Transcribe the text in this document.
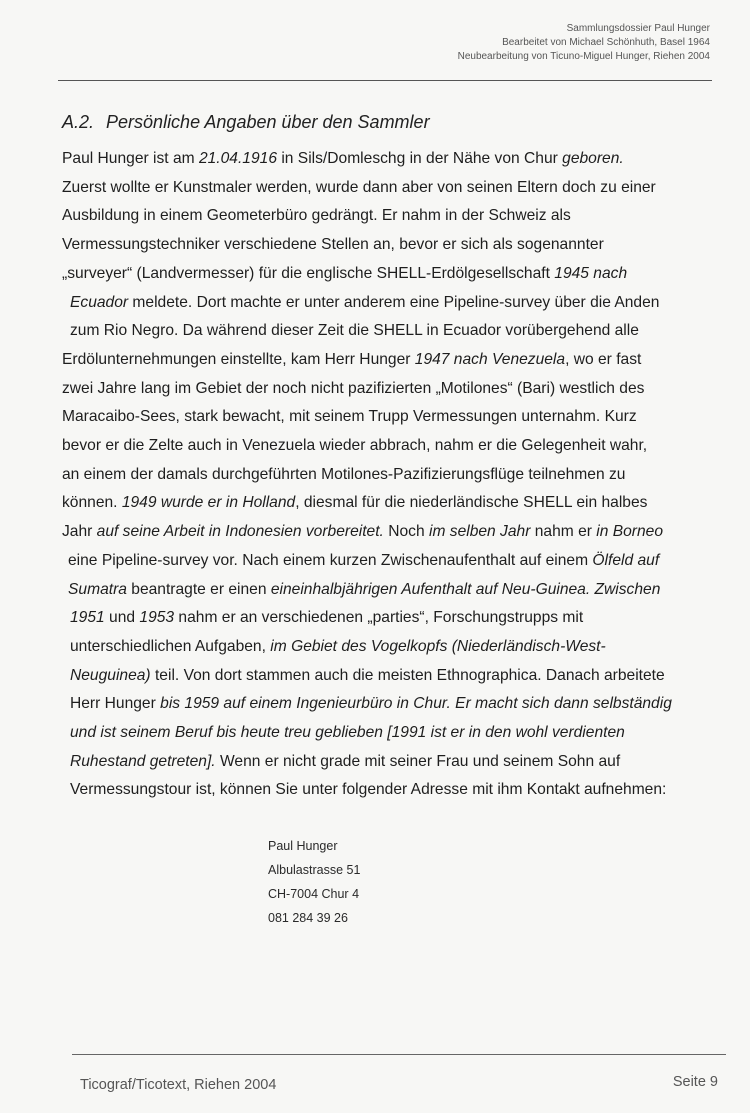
Sammlungsdossier Paul Hunger
Bearbeitet von Michael Schönhuth, Basel 1964
Neubearbeitung von Ticuno-Miguel Hunger, Riehen 2004
A.2. Persönliche Angaben über den Sammler
Paul Hunger ist am 21.04.1916 in Sils/Domleschg in der Nähe von Chur geboren.
Zuerst wollte er Kunstmaler werden, wurde dann aber von seinen Eltern doch zu einer
Ausbildung in einem Geometerbüro gedrängt. Er nahm in der Schweiz als
Vermessungstechniker verschiedene Stellen an, bevor er sich als sogenannter
„surveyer“ (Landvermesser) für die englische SHELL-Erdölgesellschaft 1945 nach
Ecuador meldete. Dort machte er unter anderem eine Pipeline-survey über die Anden
zum Rio Negro. Da während dieser Zeit die SHELL in Ecuador vorübergehend alle
Erdölunternehmungen einstellte, kam Herr Hunger 1947 nach Venezuela, wo er fast
zwei Jahre lang im Gebiet der noch nicht pazifizierten „Motilones“ (Bari) westlich des
Maracaibo-Sees, stark bewacht, mit seinem Trupp Vermessungen unternahm. Kurz
bevor er die Zelte auch in Venezuela wieder abbrach, nahm er die Gelegenheit wahr,
an einem der damals durchgeführten Motilones-Pazifizierungsflüge teilnehmen zu
können. 1949 wurde er in Holland, diesmal für die niederländische SHELL ein halbes
Jahr auf seine Arbeit in Indonesien vorbereitet. Noch im selben Jahr nahm er in Borneo
eine Pipeline-survey vor. Nach einem kurzen Zwischenaufenthalt auf einem Ölfeld auf
Sumatra beantragte er einen eineinhalbjährigen Aufenthalt auf Neu-Guinea. Zwischen
1951 und 1953 nahm er an verschiedenen „parties“, Forschungstrupps mit
unterschiedlichen Aufgaben, im Gebiet des Vogelkopfs (Niederländisch-West-
Neuguinea) teil. Von dort stammen auch die meisten Ethnographica. Danach arbeitete
Herr Hunger bis 1959 auf einem Ingenieurbüro in Chur. Er macht sich dann selbständig
und ist seinem Beruf bis heute treu geblieben [1991 ist er in den wohl verdienten
Ruhestand getreten]. Wenn er nicht grade mit seiner Frau und seinem Sohn auf
Vermessungstour ist, können Sie unter folgender Adresse mit ihm Kontakt aufnehmen:
Paul Hunger
Albulastrasse 51
CH-7004 Chur 4
081 284 39 26
Ticograf/Ticotext, Riehen 2004	Seite 9
